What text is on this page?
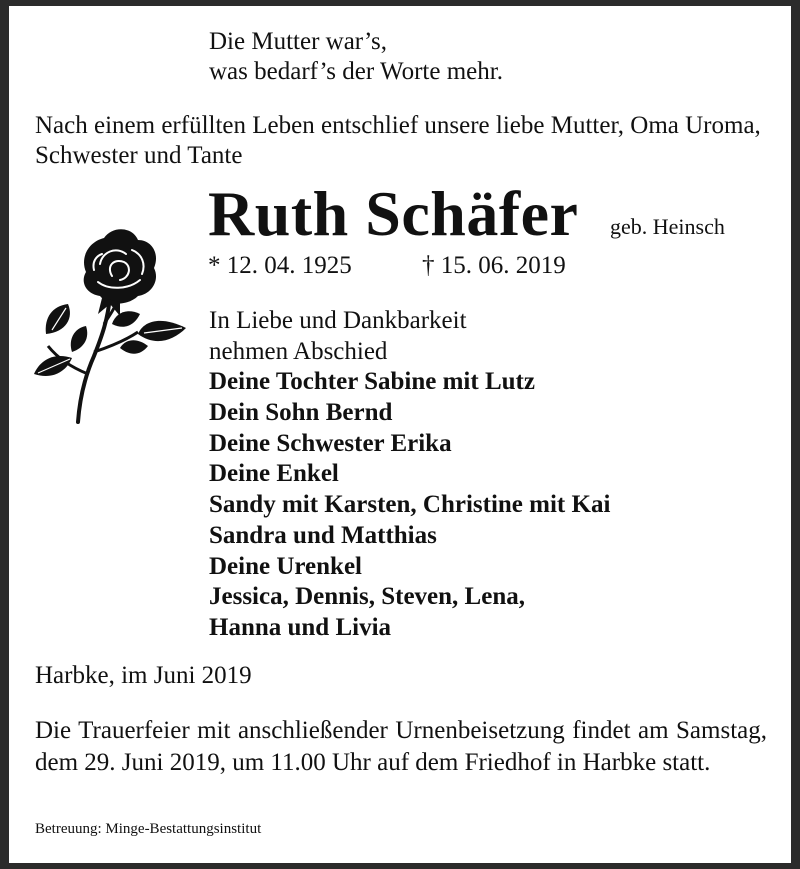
Die Mutter war’s,
was bedarf’s der Worte mehr.
Nach einem erfüllten Leben entschlief unsere liebe Mutter, Oma Uroma, Schwester und Tante
Ruth Schäfer geb. Heinsch
* 12. 04. 1925	† 15. 06. 2019
In Liebe und Dankbarkeit
nehmen Abschied
Deine Tochter Sabine mit Lutz
Dein Sohn Bernd
Deine Schwester Erika
Deine Enkel
Sandy mit Karsten, Christine mit Kai
Sandra und Matthias
Deine Urenkel
Jessica, Dennis, Steven, Lena,
Hanna und Livia
Harbke, im Juni 2019
Die Trauerfeier mit anschließender Urnenbeisetzung findet am Samstag, dem 29. Juni 2019, um 11.00 Uhr auf dem Friedhof in Harbke statt.
Betreuung: Minge-Bestattungsinstitut
